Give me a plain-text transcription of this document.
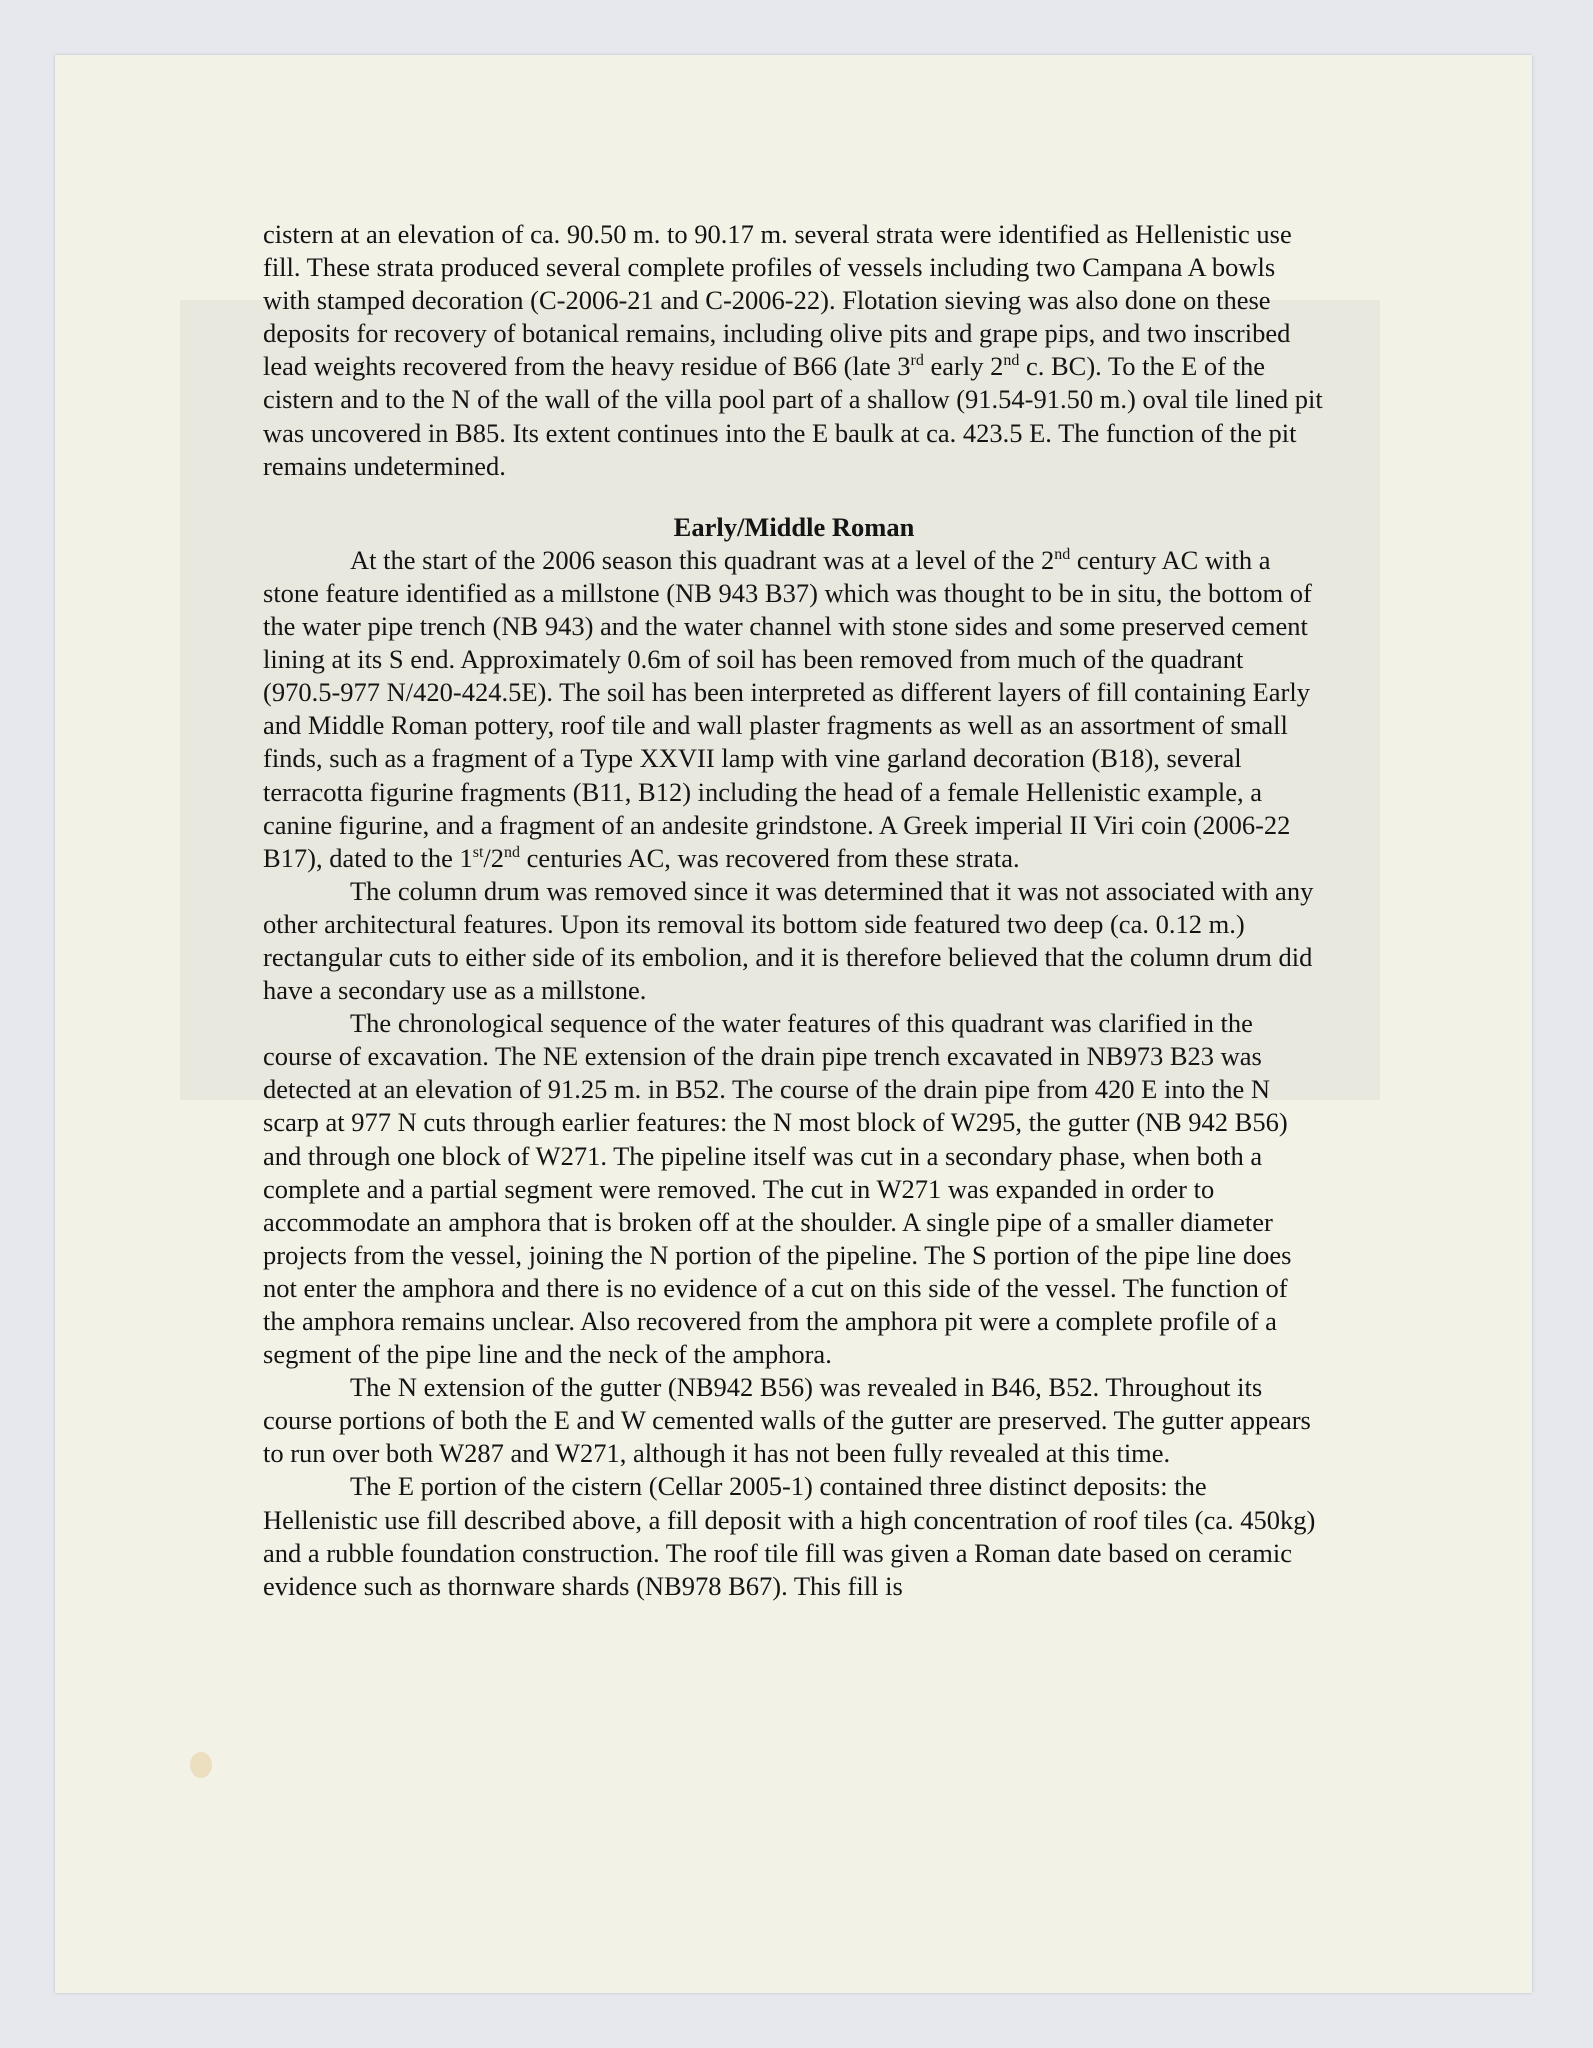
cistern at an elevation of ca. 90.50 m. to 90.17 m. several strata were identified as Hellenistic use fill. These strata produced several complete profiles of vessels including two Campana A bowls with stamped decoration (C-2006-21 and C-2006-22). Flotation sieving was also done on these deposits for recovery of botanical remains, including olive pits and grape pips, and two inscribed lead weights recovered from the heavy residue of B66 (late 3rd early 2nd c. BC). To the E of the cistern and to the N of the wall of the villa pool part of a shallow (91.54-91.50 m.) oval tile lined pit was uncovered in B85. Its extent continues into the E baulk at ca. 423.5 E. The function of the pit remains undetermined.

Early/Middle Roman

At the start of the 2006 season this quadrant was at a level of the 2nd century AC with a stone feature identified as a millstone (NB 943 B37) which was thought to be in situ, the bottom of the water pipe trench (NB 943) and the water channel with stone sides and some preserved cement lining at its S end. Approximately 0.6m of soil has been removed from much of the quadrant (970.5-977 N/420-424.5E). The soil has been interpreted as different layers of fill containing Early and Middle Roman pottery, roof tile and wall plaster fragments as well as an assortment of small finds, such as a fragment of a Type XXVII lamp with vine garland decoration (B18), several terracotta figurine fragments (B11, B12) including the head of a female Hellenistic example, a canine figurine, and a fragment of an andesite grindstone. A Greek imperial II Viri coin (2006-22 B17), dated to the 1st/2nd centuries AC, was recovered from these strata.

The column drum was removed since it was determined that it was not associated with any other architectural features. Upon its removal its bottom side featured two deep (ca. 0.12 m.) rectangular cuts to either side of its embolion, and it is therefore believed that the column drum did have a secondary use as a millstone.

The chronological sequence of the water features of this quadrant was clarified in the course of excavation. The NE extension of the drain pipe trench excavated in NB973 B23 was detected at an elevation of 91.25 m. in B52. The course of the drain pipe from 420 E into the N scarp at 977 N cuts through earlier features: the N most block of W295, the gutter (NB 942 B56) and through one block of W271. The pipeline itself was cut in a secondary phase, when both a complete and a partial segment were removed. The cut in W271 was expanded in order to accommodate an amphora that is broken off at the shoulder. A single pipe of a smaller diameter projects from the vessel, joining the N portion of the pipeline. The S portion of the pipe line does not enter the amphora and there is no evidence of a cut on this side of the vessel. The function of the amphora remains unclear. Also recovered from the amphora pit were a complete profile of a segment of the pipe line and the neck of the amphora.

The N extension of the gutter (NB942 B56) was revealed in B46, B52. Throughout its course portions of both the E and W cemented walls of the gutter are preserved. The gutter appears to run over both W287 and W271, although it has not been fully revealed at this time.

The E portion of the cistern (Cellar 2005-1) contained three distinct deposits: the Hellenistic use fill described above, a fill deposit with a high concentration of roof tiles (ca. 450kg) and a rubble foundation construction. The roof tile fill was given a Roman date based on ceramic evidence such as thornware shards (NB978 B67). This fill is
